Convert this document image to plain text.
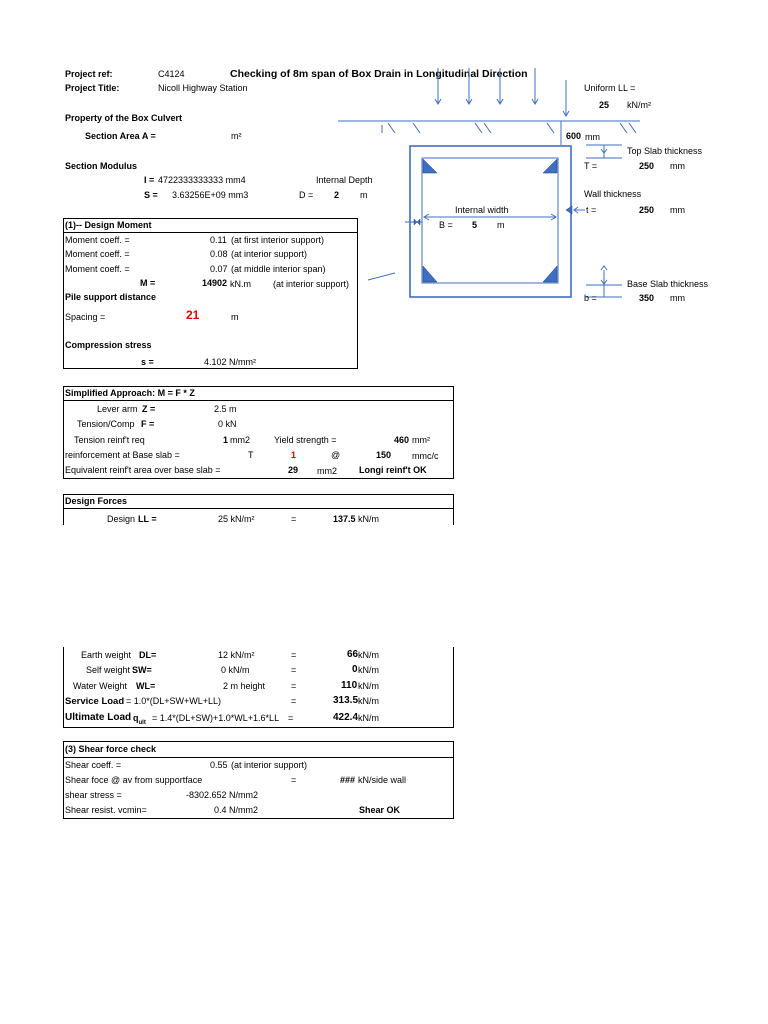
Project ref:	C4124	Checking of 8m span of Box Drain in Longitudinal Direction
Project Title:	Nicoll Highway Station
Property of the Box Culvert
Section Area A =	m²
Section Modulus
I = 4722333333333 mm4
S = 3.63256E+09 mm3
Internal Depth
D = 2 m
Uniform LL =
25 kN/m²
600 mm
Top Slab thickness
T =	250 mm
Wall thickness
t =	250 mm
Internal width
B = 5 m
Base Slab thickness
b =	350 mm
(1)-- Design Moment
Moment coeff. =	0.11 (at first interior support)
Moment coeff. =	0.08 (at interior support)
Moment coeff. =	0.07 (at middle interior span)
M =	14902 kN.m (at interior support)
Pile support distance
Spacing =	21	m
Compression stress
s =	4.102 N/mm²
Simplified Approach: M = F * Z
Lever arm Z =	2.5 m
Tension/Comp F =	0 kN
Tension reinf't req	1 mm2	Yield strength =	460 mm²
reinforcement at Base slab =	T	1	@	150 mmc/c
Equivalent reinf't area over base slab =	29 mm2 Longi reinf't OK
Design Forces
Design LL =	25 kN/m²	=	137.5 kN/m
Earth weight DL=	12 kN/m²	=	66 kN/m
Self weight SW=	0 kN/m	=	0 kN/m
Water Weight WL=	2 m height	=	110 kN/m
Service Load = 1.0*(DL+SW+WL+LL)	=	313.5 kN/m
Ultimate Load $q_{ult} = 1.4*(DL+SW)+1.0*WL+1.6*LL$ =	422.4 kN/m
(3) Shear force check
Shear coeff. =	0.55 (at interior support)
Shear foce @ av from supportface	=	### kN/side wall
shear stress =	-8302.652 N/mm2
Shear resist. vcmin=	0.4 N/mm2	Shear OK
